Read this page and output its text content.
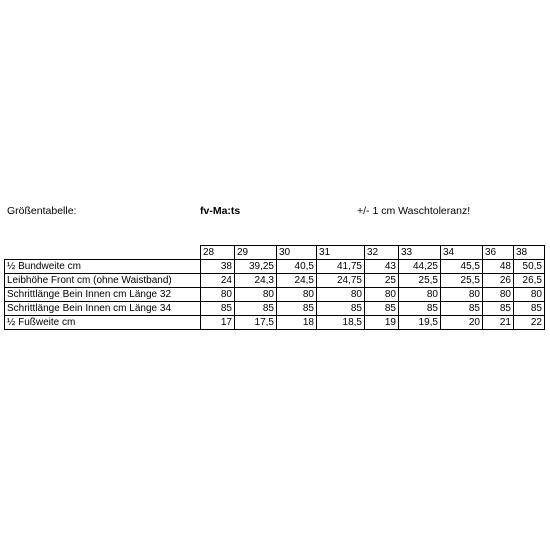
Größentabelle:	fv-Ma:ts	+/- 1 cm Waschtoleranz!
	28	29	30	31	32	33	34	36	38
½ Bundweite cm	38	39,25	40,5	41,75	43	44,25	45,5	48	50,5
Leibhöhe Front cm (ohne Waistband)	24	24,3	24,5	24,75	25	25,5	25,5	26	26,5
Schrittlänge Bein Innen cm Länge 32	80	80	80	80	80	80	80	80	80
Schrittlänge Bein Innen cm Länge 34	85	85	85	85	85	85	85	85	85
½ Fußweite cm	17	17,5	18	18,5	19	19,5	20	21	22
